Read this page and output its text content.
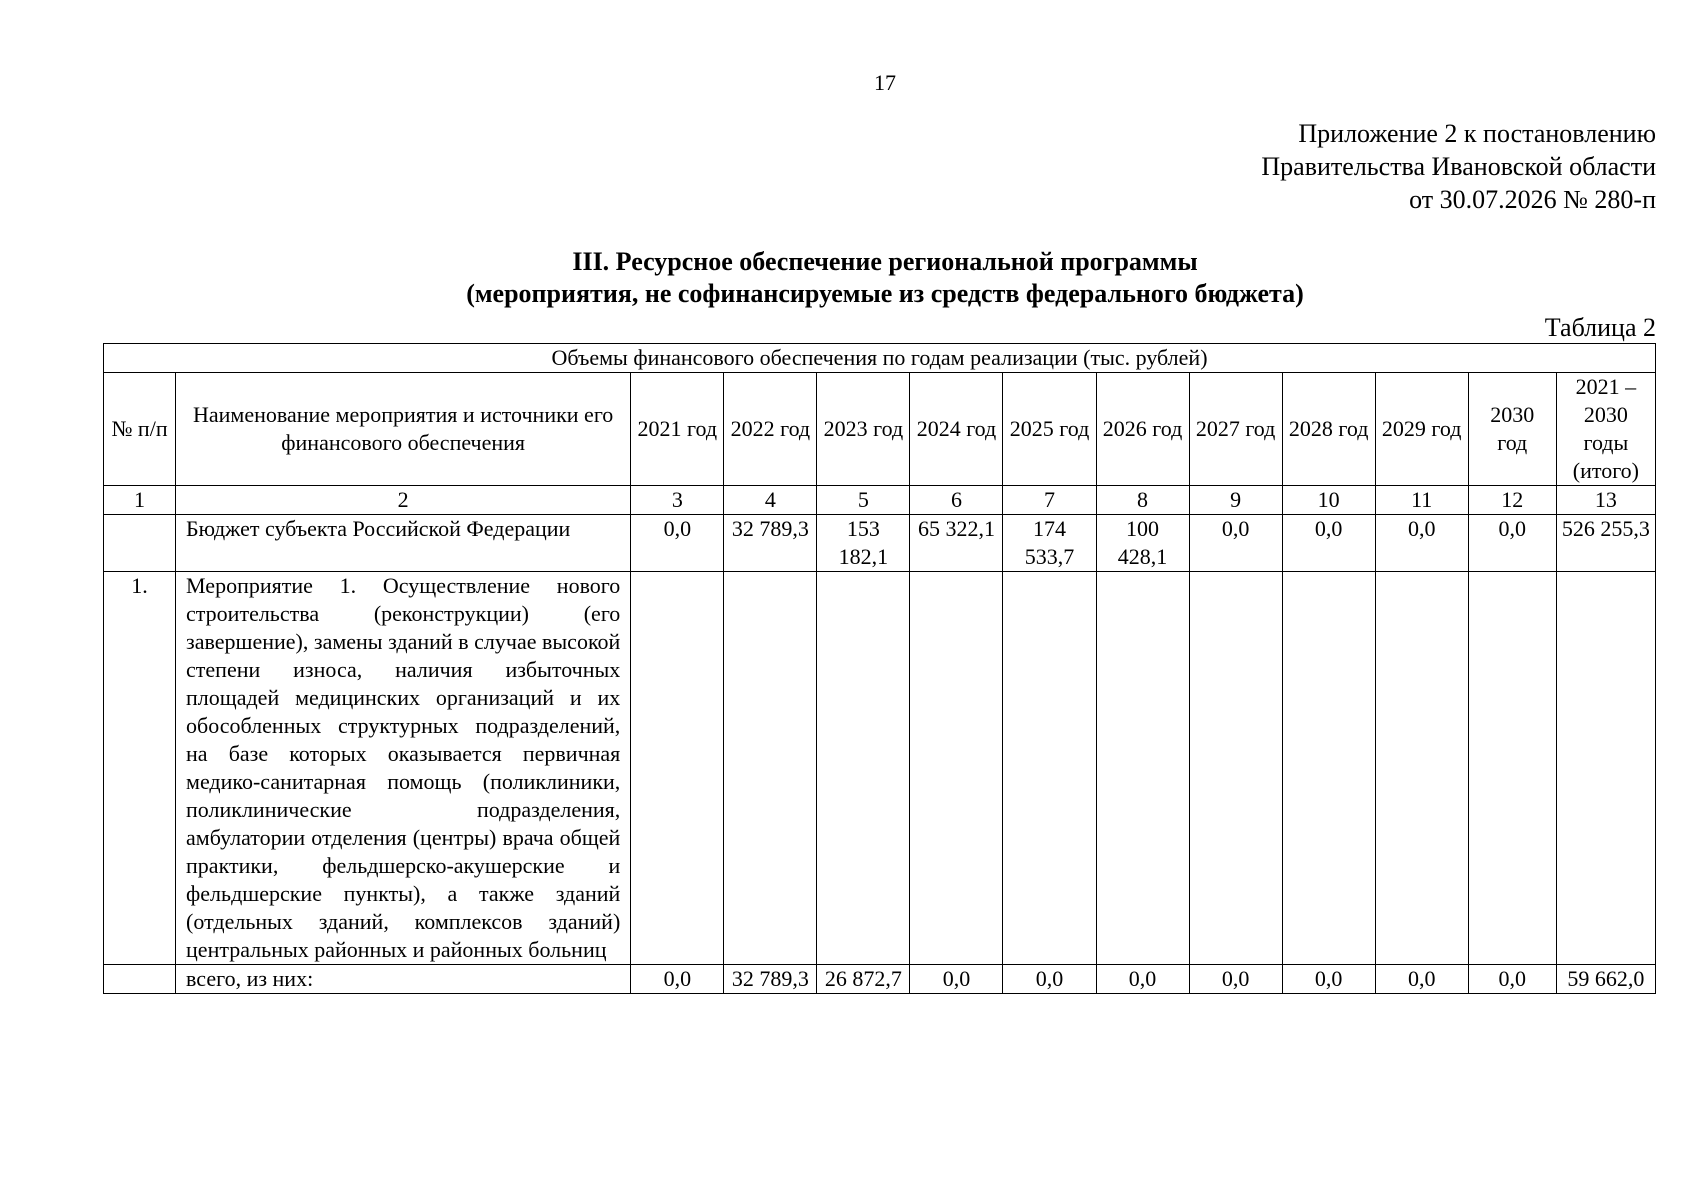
17
Приложение 2 к постановлению
Правительства Ивановской области
от 30.07.2026 № 280-п
III. Ресурсное обеспечение региональной программы
(мероприятия, не софинансируемые из средств федерального бюджета)
Таблица 2
Объемы финансового обеспечения по годам реализации (тыс. рублей)												
№ п/п	Наименование мероприятия и источники его финансового обеспечения	2021 год	2022 год	2023 год	2024 год	2025 год	2026 год	2027 год	2028 год	2029 год	2030 год	2021 – 2030 годы (итого)
1	2	3	4	5	6	7	8	9	10	11	12	13
	Бюджет субъекта Российской Федерации	0,0	32 789,3	153 182,1	65 322,1	174 533,7	100 428,1	0,0	0,0	0,0	0,0	526 255,3
1.	Мероприятие 1. Осуществление нового строительства (реконструкции) (его завершение), замены зданий в случае высокой степени износа, наличия избыточных площадей медицинских организаций и их обособленных структурных подразделений, на базе которых оказывается первичная медико-санитарная помощь (поликлиники, поликлинические подразделения, амбулатории отделения (центры) врача общей практики, фельдшерско-акушерские и фельдшерские пункты), а также зданий (отдельных зданий, комплексов зданий) центральных районных и районных больниц											
	всего, из них:	0,0	32 789,3	26 872,7	0,0	0,0	0,0	0,0	0,0	0,0	0,0	59 662,0
